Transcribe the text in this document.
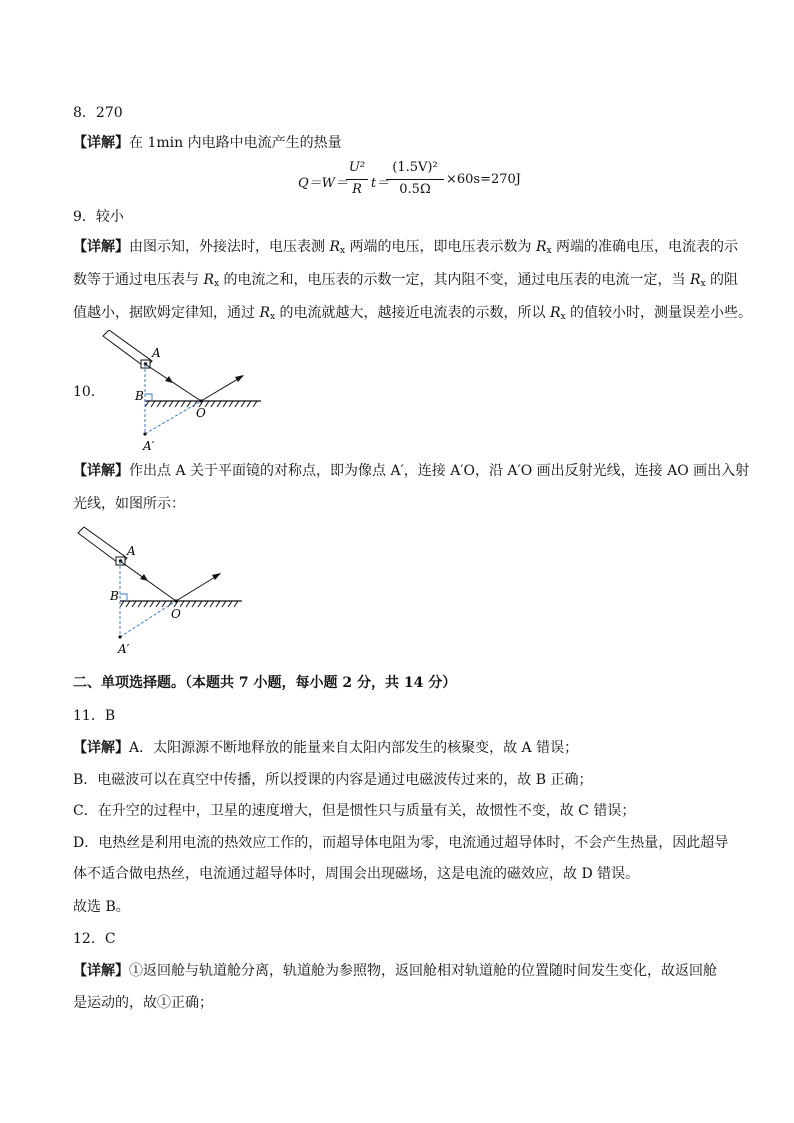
8．270
【详解】在 1min 内电路中电流产生的热量
Q＝W＝
U²
R t＝
(1.5V)²
0.5Ω
×60s=270J
9．较小
【详解】由图示知，外接法时，电压表测 $R_x$ 两端的电压，即电压表示数为 $R_x$ 两端的准确电压，电流表的示
数等于通过电压表与 $R_x$ 的电流之和，电压表的示数一定，其内阻不变，通过电压表的电流一定，当 $R_x$ 的阻
值越小，据欧姆定律知，通过 $R_x$ 的电流就越大，越接近电流表的示数，所以 $R_x$ 的值较小时，测量误差小些。
10．
A
B
O
A′
【详解】作出点 A 关于平面镜的对称点，即为像点 A′，连接 A′O，沿 A′O 画出反射光线，连接 AO 画出入射
光线，如图所示：
A
B
O
A′
二、单项选择题。（本题共 7 小题，每小题 2 分，共 14 分）
11．B
【详解】A．太阳源源不断地释放的能量来自太阳内部发生的核聚变，故 A 错误；
B．电磁波可以在真空中传播，所以授课的内容是通过电磁波传过来的，故 B 正确；
C．在升空的过程中，卫星的速度增大，但是惯性只与质量有关，故惯性不变，故 C 错误；
D．电热丝是利用电流的热效应工作的，而超导体电阻为零，电流通过超导体时，不会产生热量，因此超导
体不适合做电热丝，电流通过超导体时，周围会出现磁场，这是电流的磁效应，故 D 错误。
故选 B。
12．C
【详解】①返回舱与轨道舱分离，轨道舱为参照物，返回舱相对轨道舱的位置随时间发生变化，故返回舱
是运动的，故①正确；
